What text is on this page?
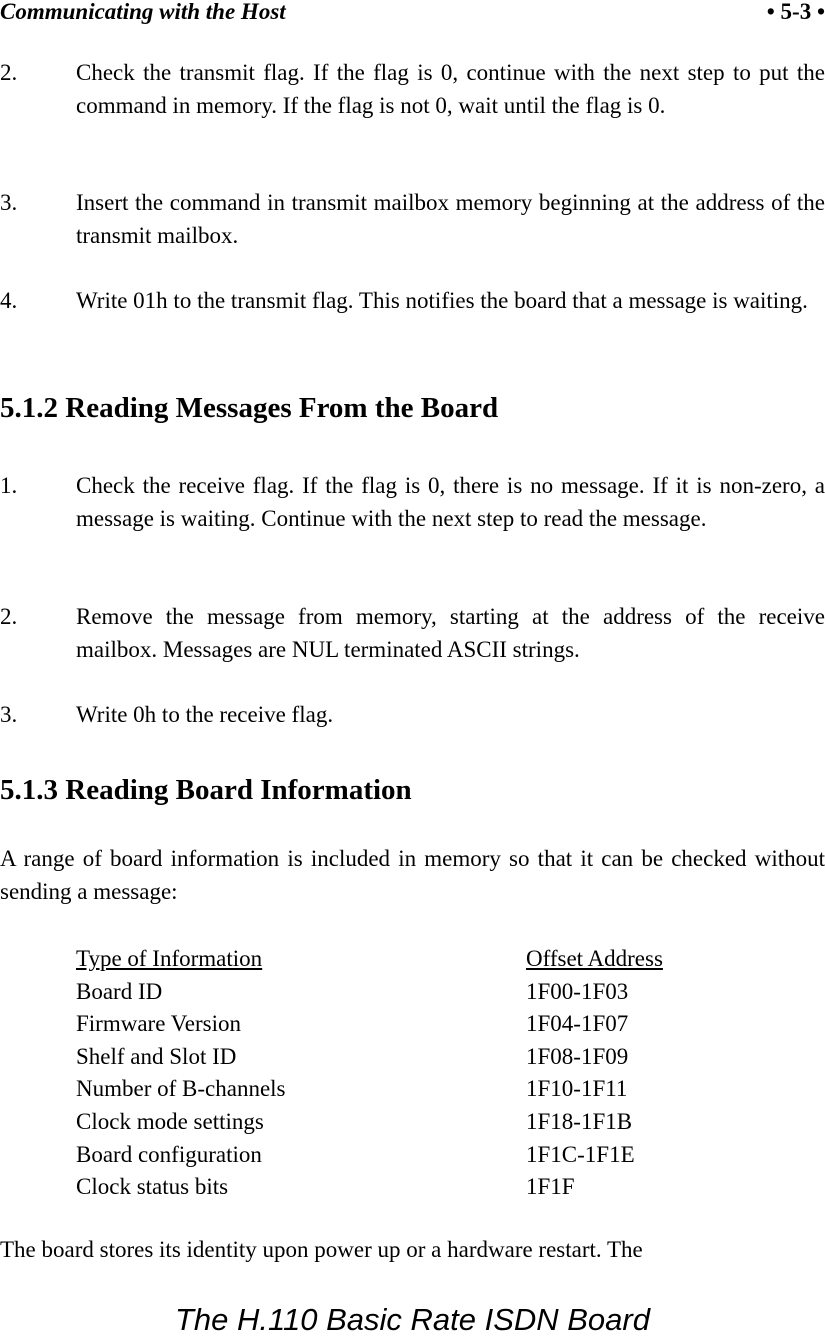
Communicating with the Host	• 5-3 •
2.	Check the transmit flag. If the flag is 0, continue with the next step to put the command in memory. If the flag is not 0, wait until the flag is 0.
3.	Insert the command in transmit mailbox memory beginning at the address of the transmit mailbox.
4.	Write 01h to the transmit flag. This notifies the board that a message is waiting.
5.1.2 Reading Messages From the Board
1.	Check the receive flag. If the flag is 0, there is no message. If it is non-zero, a message is waiting. Continue with the next step to read the message.
2.	Remove the message from memory, starting at the address of the receive mailbox. Messages are NUL terminated ASCII strings.
3.	Write 0h to the receive flag.
5.1.3 Reading Board Information
A range of board information is included in memory so that it can be checked without sending a message:
Type of Information	Offset Address
Board ID	1F00-1F03
Firmware Version	1F04-1F07
Shelf and Slot ID	1F08-1F09
Number of B-channels	1F10-1F11
Clock mode settings	1F18-1F1B
Board configuration	1F1C-1F1E
Clock status bits	1F1F
The board stores its identity upon power up or a hardware restart. The
The H.110 Basic Rate ISDN Board
